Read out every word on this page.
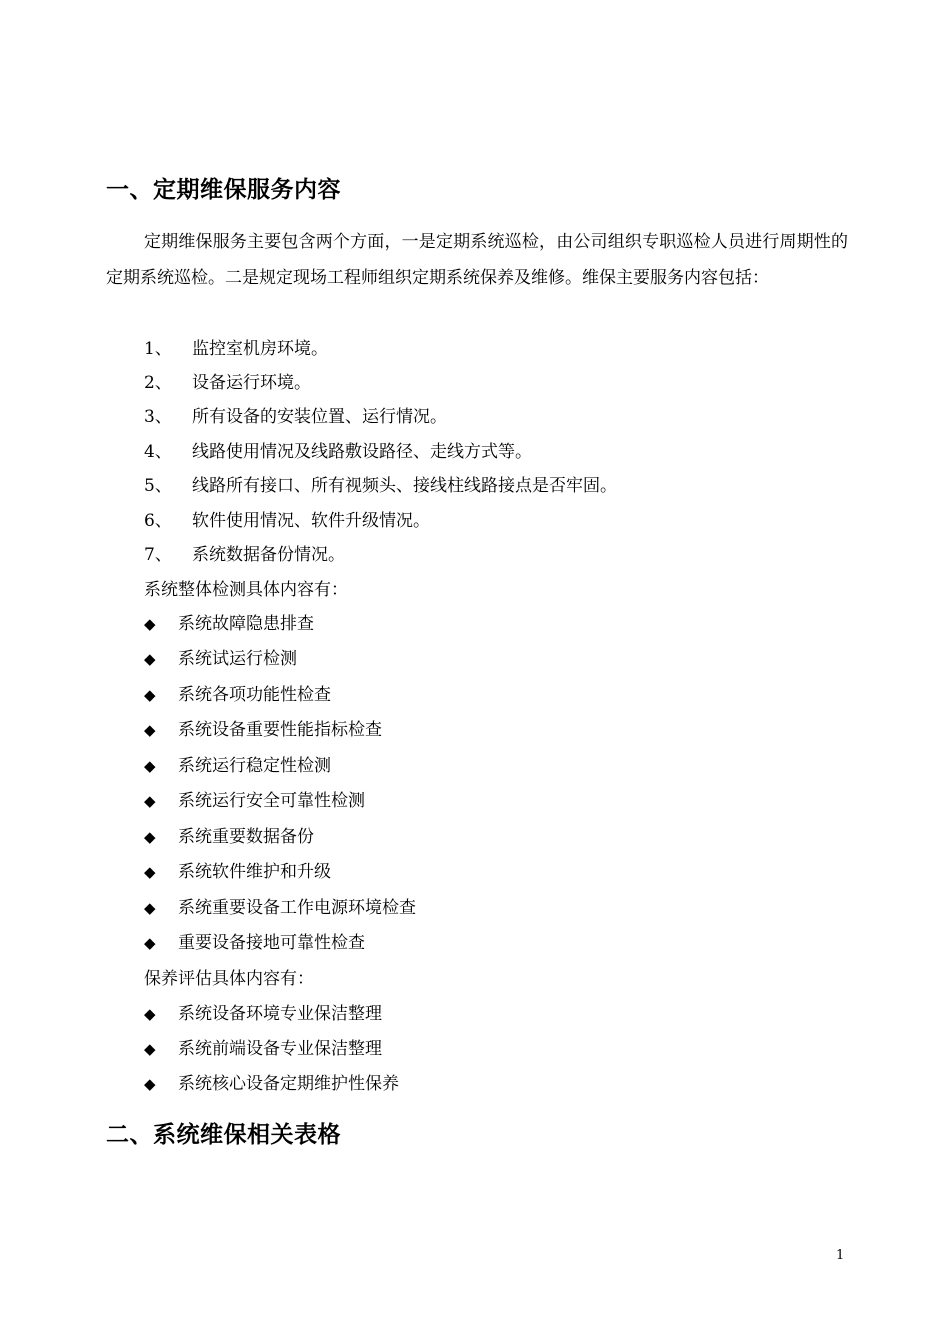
一、定期维保服务内容

定期维保服务主要包含两个方面，一是定期系统巡检，由公司组织专职巡检人员进行周期性的定期系统巡检。二是规定现场工程师组织定期系统保养及维修。维保主要服务内容包括：

1、 监控室机房环境。
2、 设备运行环境。
3、 所有设备的安装位置、运行情况。
4、 线路使用情况及线路敷设路径、走线方式等。
5、 线路所有接口、所有视频头、接线柱线路接点是否牢固。
6、 软件使用情况、软件升级情况。
7、 系统数据备份情况。
系统整体检测具体内容有：
◆ 系统故障隐患排查
◆ 系统试运行检测
◆ 系统各项功能性检查
◆ 系统设备重要性能指标检查
◆ 系统运行稳定性检测
◆ 系统运行安全可靠性检测
◆ 系统重要数据备份
◆ 系统软件维护和升级
◆ 系统重要设备工作电源环境检查
◆ 重要设备接地可靠性检查
保养评估具体内容有：
◆ 系统设备环境专业保洁整理
◆ 系统前端设备专业保洁整理
◆ 系统核心设备定期维护性保养
二、系统维保相关表格
1
